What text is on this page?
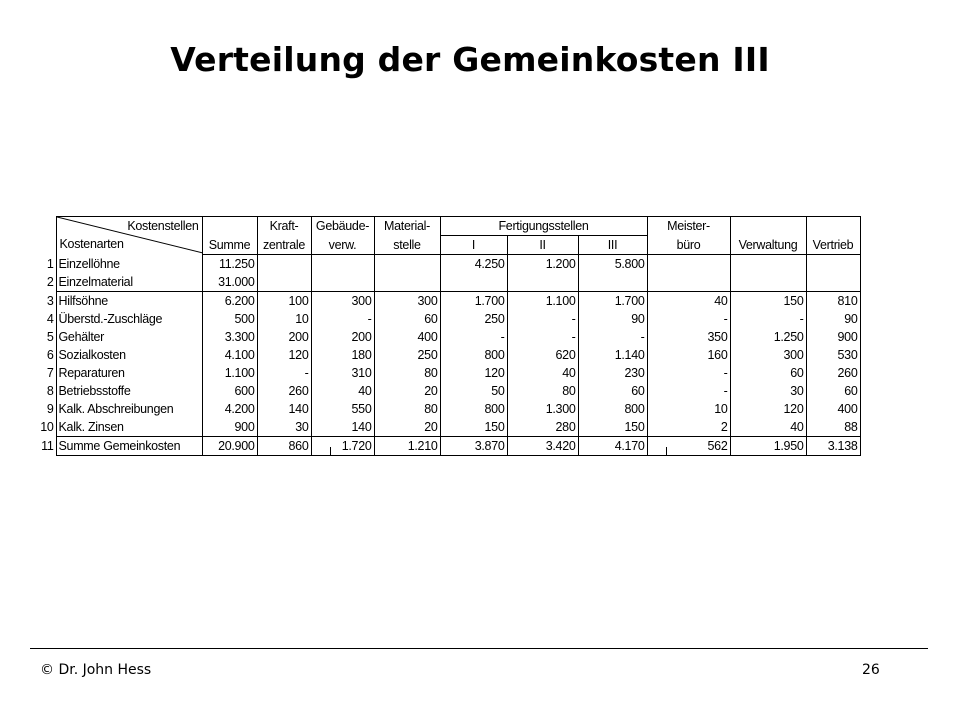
Verteilung der Gemeinkosten III

	Kostenstellen
Kostenarten		Kraft-	Gebäude-	Material-	Fertigungsstellen			Meister-		
		Summe	zentrale	verw.	stelle	I	II	III	büro	Verwaltung	Vertrieb
1	Einzellöhne	11.250				4.250	1.200	5.800			
2	Einzelmaterial	31.000									
3	Hilfsöhne	6.200	100	300	300	1.700	1.100	1.700	40	150	810
4	Überstd.-Zuschläge	500	10	-	60	250	-	90	-	-	90
5	Gehälter	3.300	200	200	400	-	-	-	350	1.250	900
6	Sozialkosten	4.100	120	180	250	800	620	1.140	160	300	530
7	Reparaturen	1.100	-	310	80	120	40	230	-	60	260
8	Betriebsstoffe	600	260	40	20	50	80	60	-	30	60
9	Kalk. Abschreibungen	4.200	140	550	80	800	1.300	800	10	120	400
10	Kalk. Zinsen	900	30	140	20	150	280	150	2	40	88
11	Summe Gemeinkosten	20.900	860	1.720	1.210	3.870	3.420	4.170	562	1.950	3.138
© Dr. John Hess	26
